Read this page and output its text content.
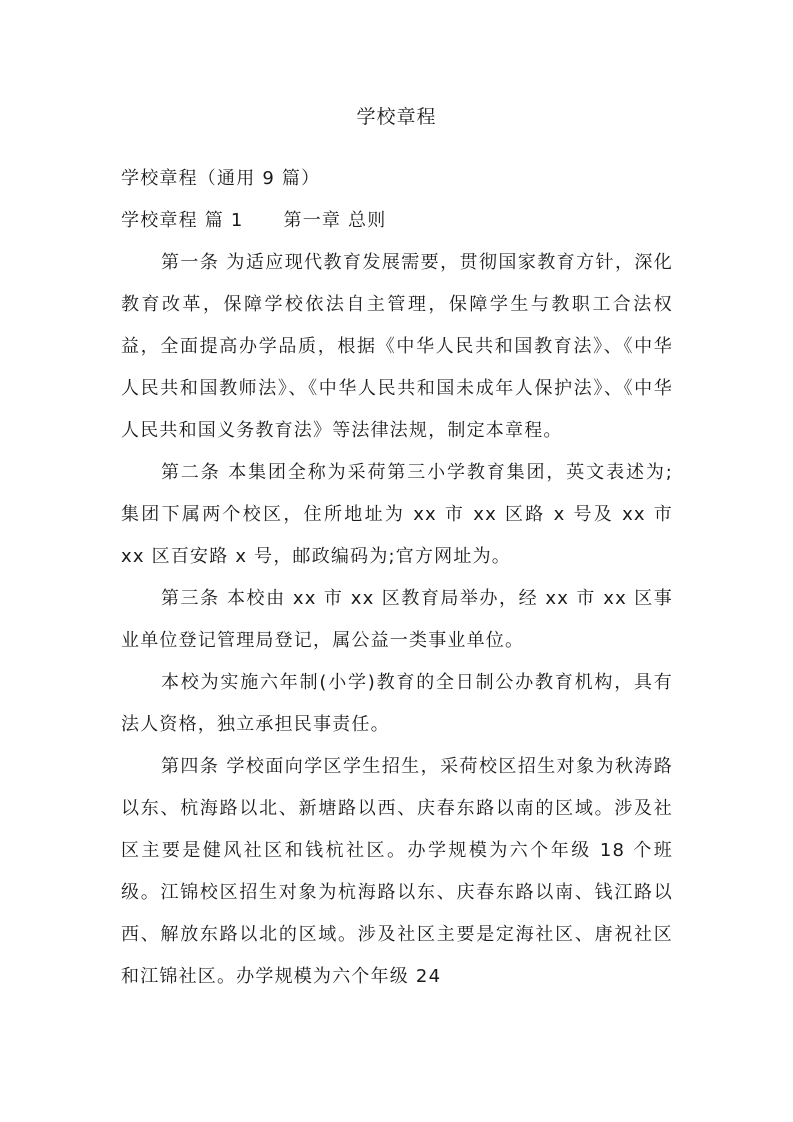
学校章程

学校章程（通用 9 篇）

学校章程 篇 1 第一章 总则

第一条 为适应现代教育发展需要，贯彻国家教育方针，深化教育改革，保障学校依法自主管理，保障学生与教职工合法权益，全面提高办学品质，根据《中华人民共和国教育法》、《中华人民共和国教师法》、《中华人民共和国未成年人保护法》、《中华人民共和国义务教育法》等法律法规，制定本章程。

第二条 本集团全称为采荷第三小学教育集团，英文表述为;集团下属两个校区，住所地址为 xx 市 xx 区路 x 号及 xx 市 xx 区百安路 x 号，邮政编码为;官方网址为。

第三条 本校由 xx 市 xx 区教育局举办，经 xx 市 xx 区事业单位登记管理局登记，属公益一类事业单位。

本校为实施六年制(小学)教育的全日制公办教育机构，具有法人资格，独立承担民事责任。

第四条 学校面向学区学生招生，采荷校区招生对象为秋涛路以东、杭海路以北、新塘路以西、庆春东路以南的区域。涉及社区主要是健风社区和钱杭社区。办学规模为六个年级 18 个班级。江锦校区招生对象为杭海路以东、庆春东路以南、钱江路以西、解放东路以北的区域。涉及社区主要是定海社区、唐祝社区和江锦社区。办学规模为六个年级 24
